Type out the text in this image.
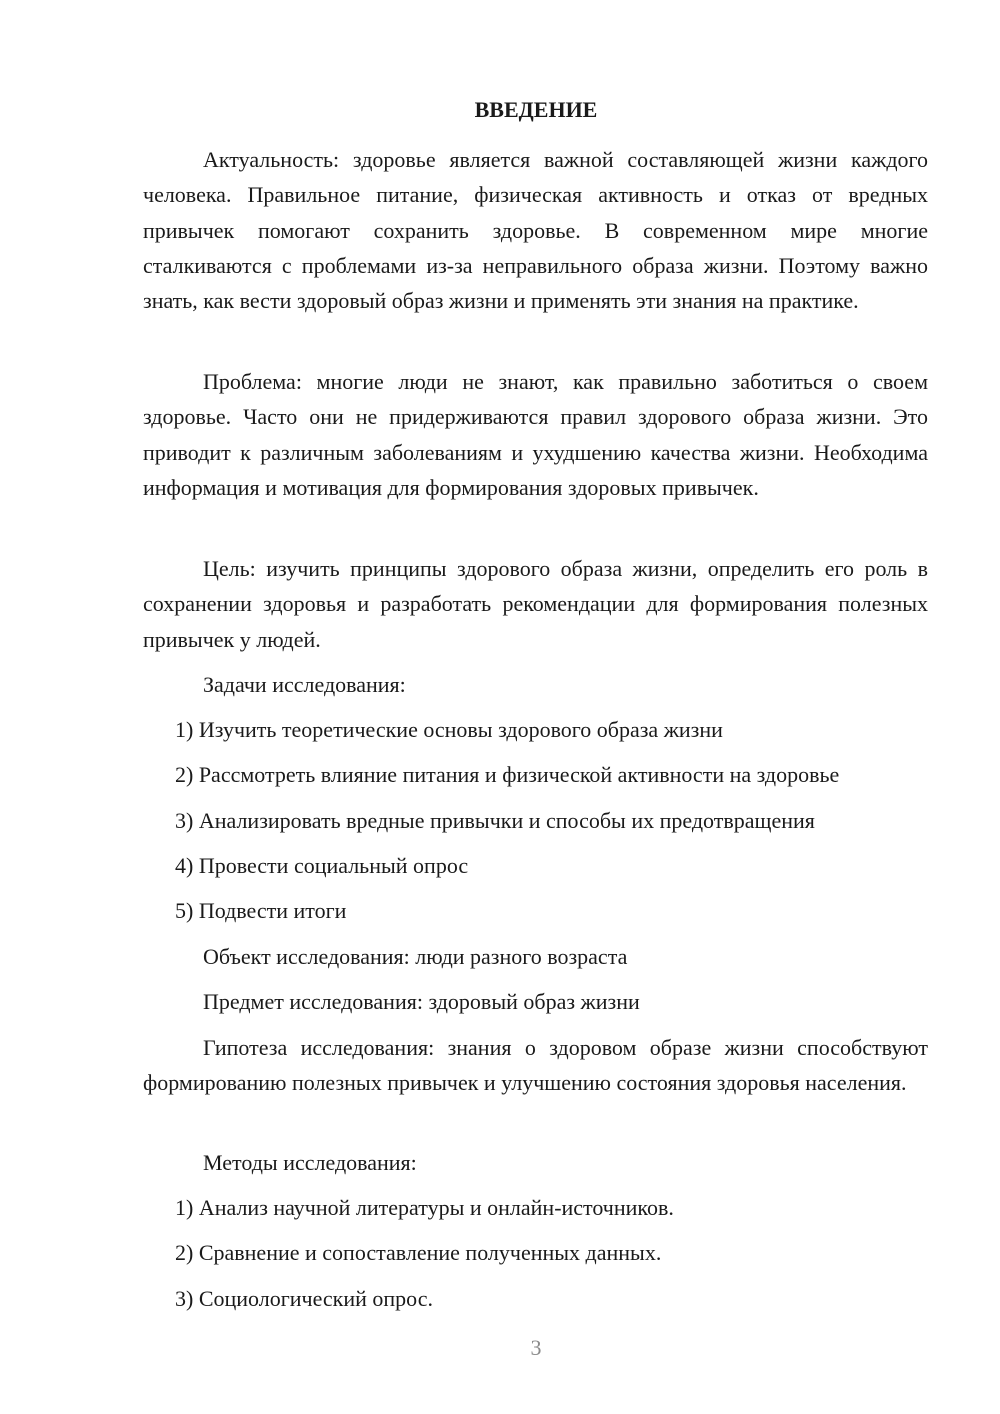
ВВЕДЕНИЕ

Актуальность: здоровье является важной составляющей жизни каждого человека. Правильное питание, физическая активность и отказ от вредных привычек помогают сохранить здоровье. В современном мире многие сталкиваются с проблемами из-за неправильного образа жизни. Поэтому важно знать, как вести здоровый образ жизни и применять эти знания на практике.

Проблема: многие люди не знают, как правильно заботиться о своем здоровье. Часто они не придерживаются правил здорового образа жизни. Это приводит к различным заболеваниям и ухудшению качества жизни. Необходима информация и мотивация для формирования здоровых привычек.

Цель: изучить принципы здорового образа жизни, определить его роль в сохранении здоровья и разработать рекомендации для формирования полезных привычек у людей.

Задачи исследования:

1) Изучить теоретические основы здорового образа жизни

2) Рассмотреть влияние питания и физической активности на здоровье

3) Анализировать вредные привычки и способы их предотвращения

4) Провести социальный опрос

5) Подвести итоги

Объект исследования: люди разного возраста

Предмет исследования: здоровый образ жизни

Гипотеза исследования: знания о здоровом образе жизни способствуют формированию полезных привычек и улучшению состояния здоровья населения.

Методы исследования:

1) Анализ научной литературы и онлайн-источников.

2) Сравнение и сопоставление полученных данных.

3) Социологический опрос.

3
